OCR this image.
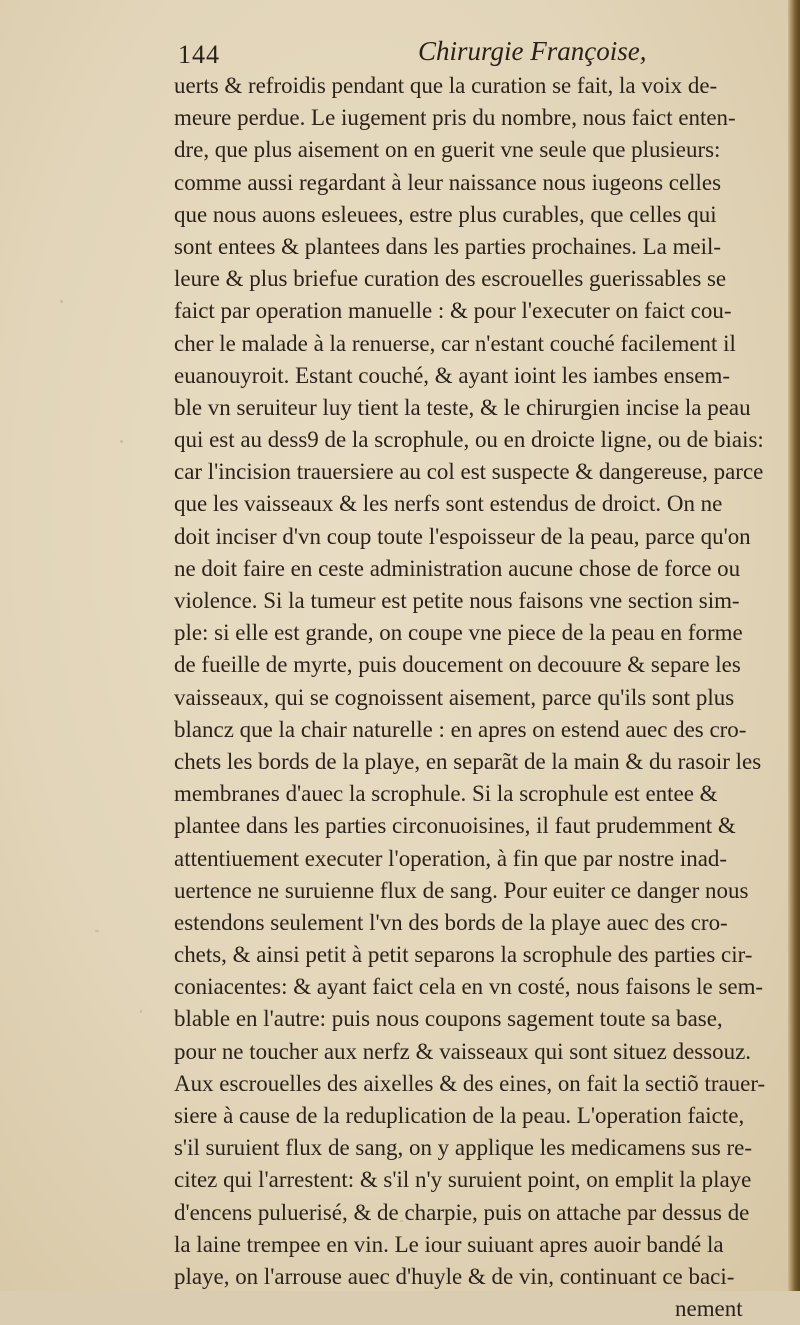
144	Chirurgie Françoise,
uerts & refroidis pendant que la curation se fait, la voix de-
meure perdue. Le iugement pris du nombre, nous faict enten-
dre, que plus aisement on en guerit vne seule que plusieurs:
comme aussi regardant à leur naissance nous iugeons celles
que nous auons esleuees, estre plus curables, que celles qui
sont entees & plantees dans les parties prochaines. La meil-
leure & plus briefue curation des escrouelles guerissables se
faict par operation manuelle : & pour l'executer on faict cou-
cher le malade à la renuerse, car n'estant couché facilement il
euanouyroit. Estant couché, & ayant ioint les iambes ensem-
ble vn seruiteur luy tient la teste, & le chirurgien incise la peau
qui est au dess9 de la scrophule, ou en droicte ligne, ou de biais:
car l'incision trauersiere au col est suspecte & dangereuse, parce
que les vaisseaux & les nerfs sont estendus de droict. On ne
doit inciser d'vn coup toute l'espoisseur de la peau, parce qu'on
ne doit faire en ceste administration aucune chose de force ou
violence. Si la tumeur est petite nous faisons vne section sim-
ple: si elle est grande, on coupe vne piece de la peau en forme
de fueille de myrte, puis doucement on decouure & separe les
vaisseaux, qui se cognoissent aisement, parce qu'ils sont plus
blancz que la chair naturelle : en apres on estend auec des cro-
chets les bords de la playe, en separãt de la main & du rasoir les
membranes d'auec la scrophule. Si la scrophule est entee &
plantee dans les parties circonuoisines, il faut prudemment &
attentiuement executer l'operation, à fin que par nostre inad-
uertence ne suruienne flux de sang. Pour euiter ce danger nous
estendons seulement l'vn des bords de la playe auec des cro-
chets, & ainsi petit à petit separons la scrophule des parties cir-
coniacentes: & ayant faict cela en vn costé, nous faisons le sem-
blable en l'autre: puis nous coupons sagement toute sa base,
pour ne toucher aux nerfz & vaisseaux qui sont situez dessouz.
Aux escrouelles des aixelles & des eines, on fait la sectiõ trauer-
siere à cause de la reduplication de la peau. L'operation faicte,
s'il suruient flux de sang, on y applique les medicamens sus re-
citez qui l'arrestent: & s'il n'y suruient point, on emplit la playe
d'encens puluerisé, & de charpie, puis on attache par dessus de
la laine trempee en vin. Le iour suiuant apres auoir bandé la
playe, on l'arrouse auec d'huyle & de vin, continuant ce baci-
nement
